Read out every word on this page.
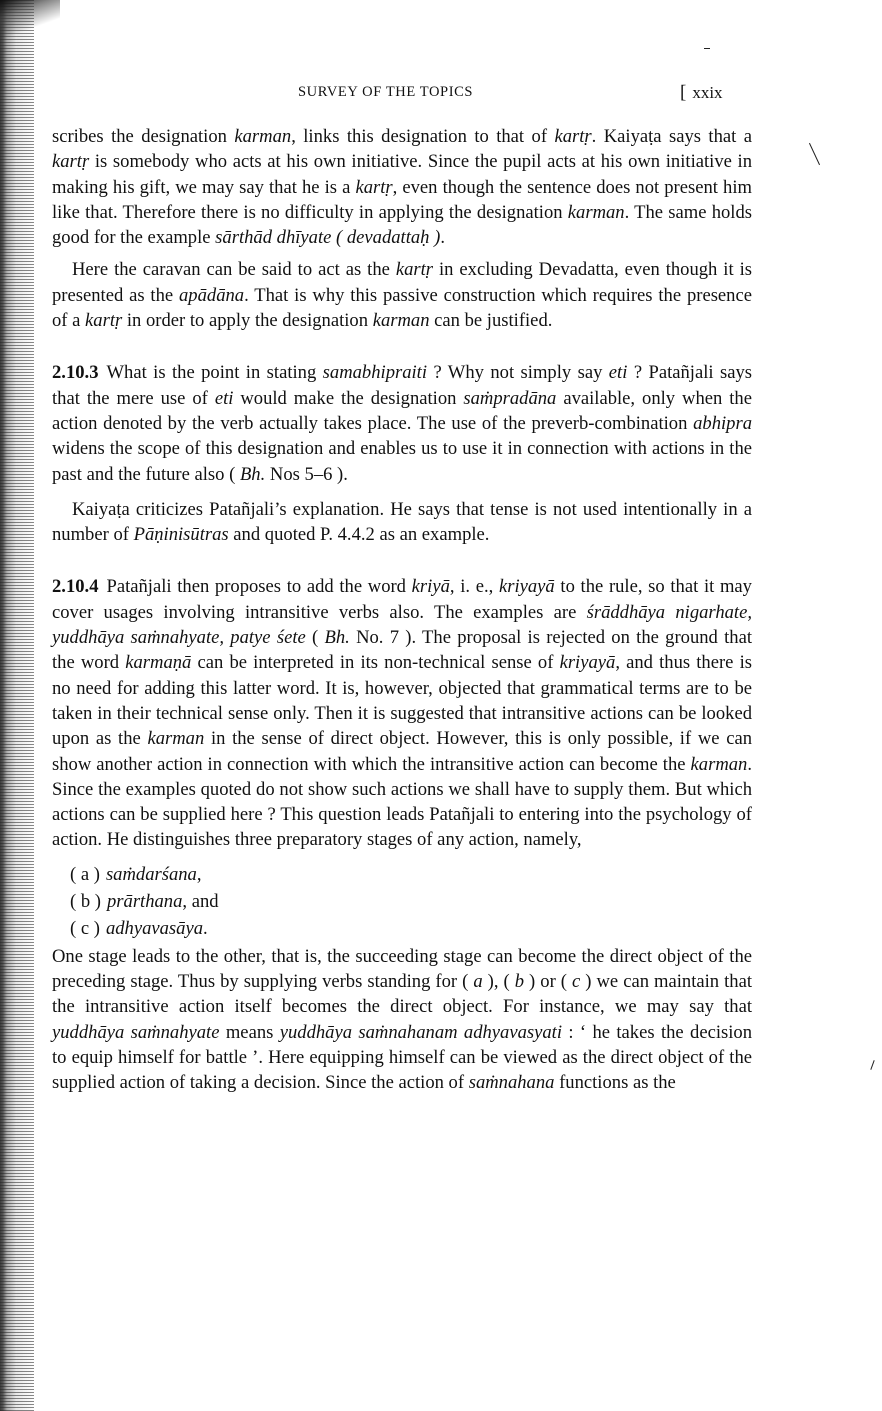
SURVEY OF THE TOPICS	[ xxix

scribes the designation karman, links this designation to that of kartṛ. Kaiyaṭa says that a kartṛ is somebody who acts at his own initiative. Since the pupil acts at his own initiative in making his gift, we may say that he is a kartṛ, even though the sentence does not present him like that. Therefore there is no difficulty in applying the designation karman. The same holds good for the example sārthād dhīyate ( devadattaḥ ).

Here the caravan can be said to act as the kartṛ in excluding Devadatta, even though it is presented as the apādāna. That is why this passive construction which requires the presence of a kartṛ in order to apply the designation karman can be justified.

2.10.3 What is the point in stating samabhipraiti ? Why not simply say eti ? Patañjali says that the mere use of eti would make the designation saṁpradāna available, only when the action denoted by the verb actually takes place. The use of the preverb-combination abhipra widens the scope of this designation and enables us to use it in connection with actions in the past and the future also ( Bh. Nos 5–6 ).

Kaiyaṭa criticizes Patañjali’s explanation. He says that tense is not used intentionally in a number of Pāṇinisūtras and quoted P. 4.4.2 as an example.

2.10.4 Patañjali then proposes to add the word kriyā, i. e., kriyayā to the rule, so that it may cover usages involving intransitive verbs also. The examples are śrāddhāya nigarhate, yuddhāya saṁnahyate, patye śete ( Bh. No. 7 ). The proposal is rejected on the ground that the word karmaṇā can be interpreted in its non-technical sense of kriyayā, and thus there is no need for adding this latter word. It is, however, objected that grammatical terms are to be taken in their technical sense only. Then it is suggested that intransitive actions can be looked upon as the karman in the sense of direct object. However, this is only possible, if we can show another action in connection with which the intransitive action can become the karman. Since the examples quoted do not show such actions we shall have to supply them. But which actions can be supplied here ? This question leads Patañjali to entering into the psychology of action. He distinguishes three preparatory stages of any action, namely,

( a ) saṁdarśana,
( b ) prārthana, and
( c ) adhyavasāya.

One stage leads to the other, that is, the succeeding stage can become the direct object of the preceding stage. Thus by supplying verbs standing for ( a ), ( b ) or ( c ) we can maintain that the intransitive action itself becomes the direct object. For instance, we may say that yuddhāya saṁnahyate means yuddhāya saṁnahanam adhyavasyati : ‘ he takes the decision to equip himself for battle ’. Here equipping himself can be viewed as the direct object of the supplied action of taking a decision. Since the action of saṁnahana functions as the
